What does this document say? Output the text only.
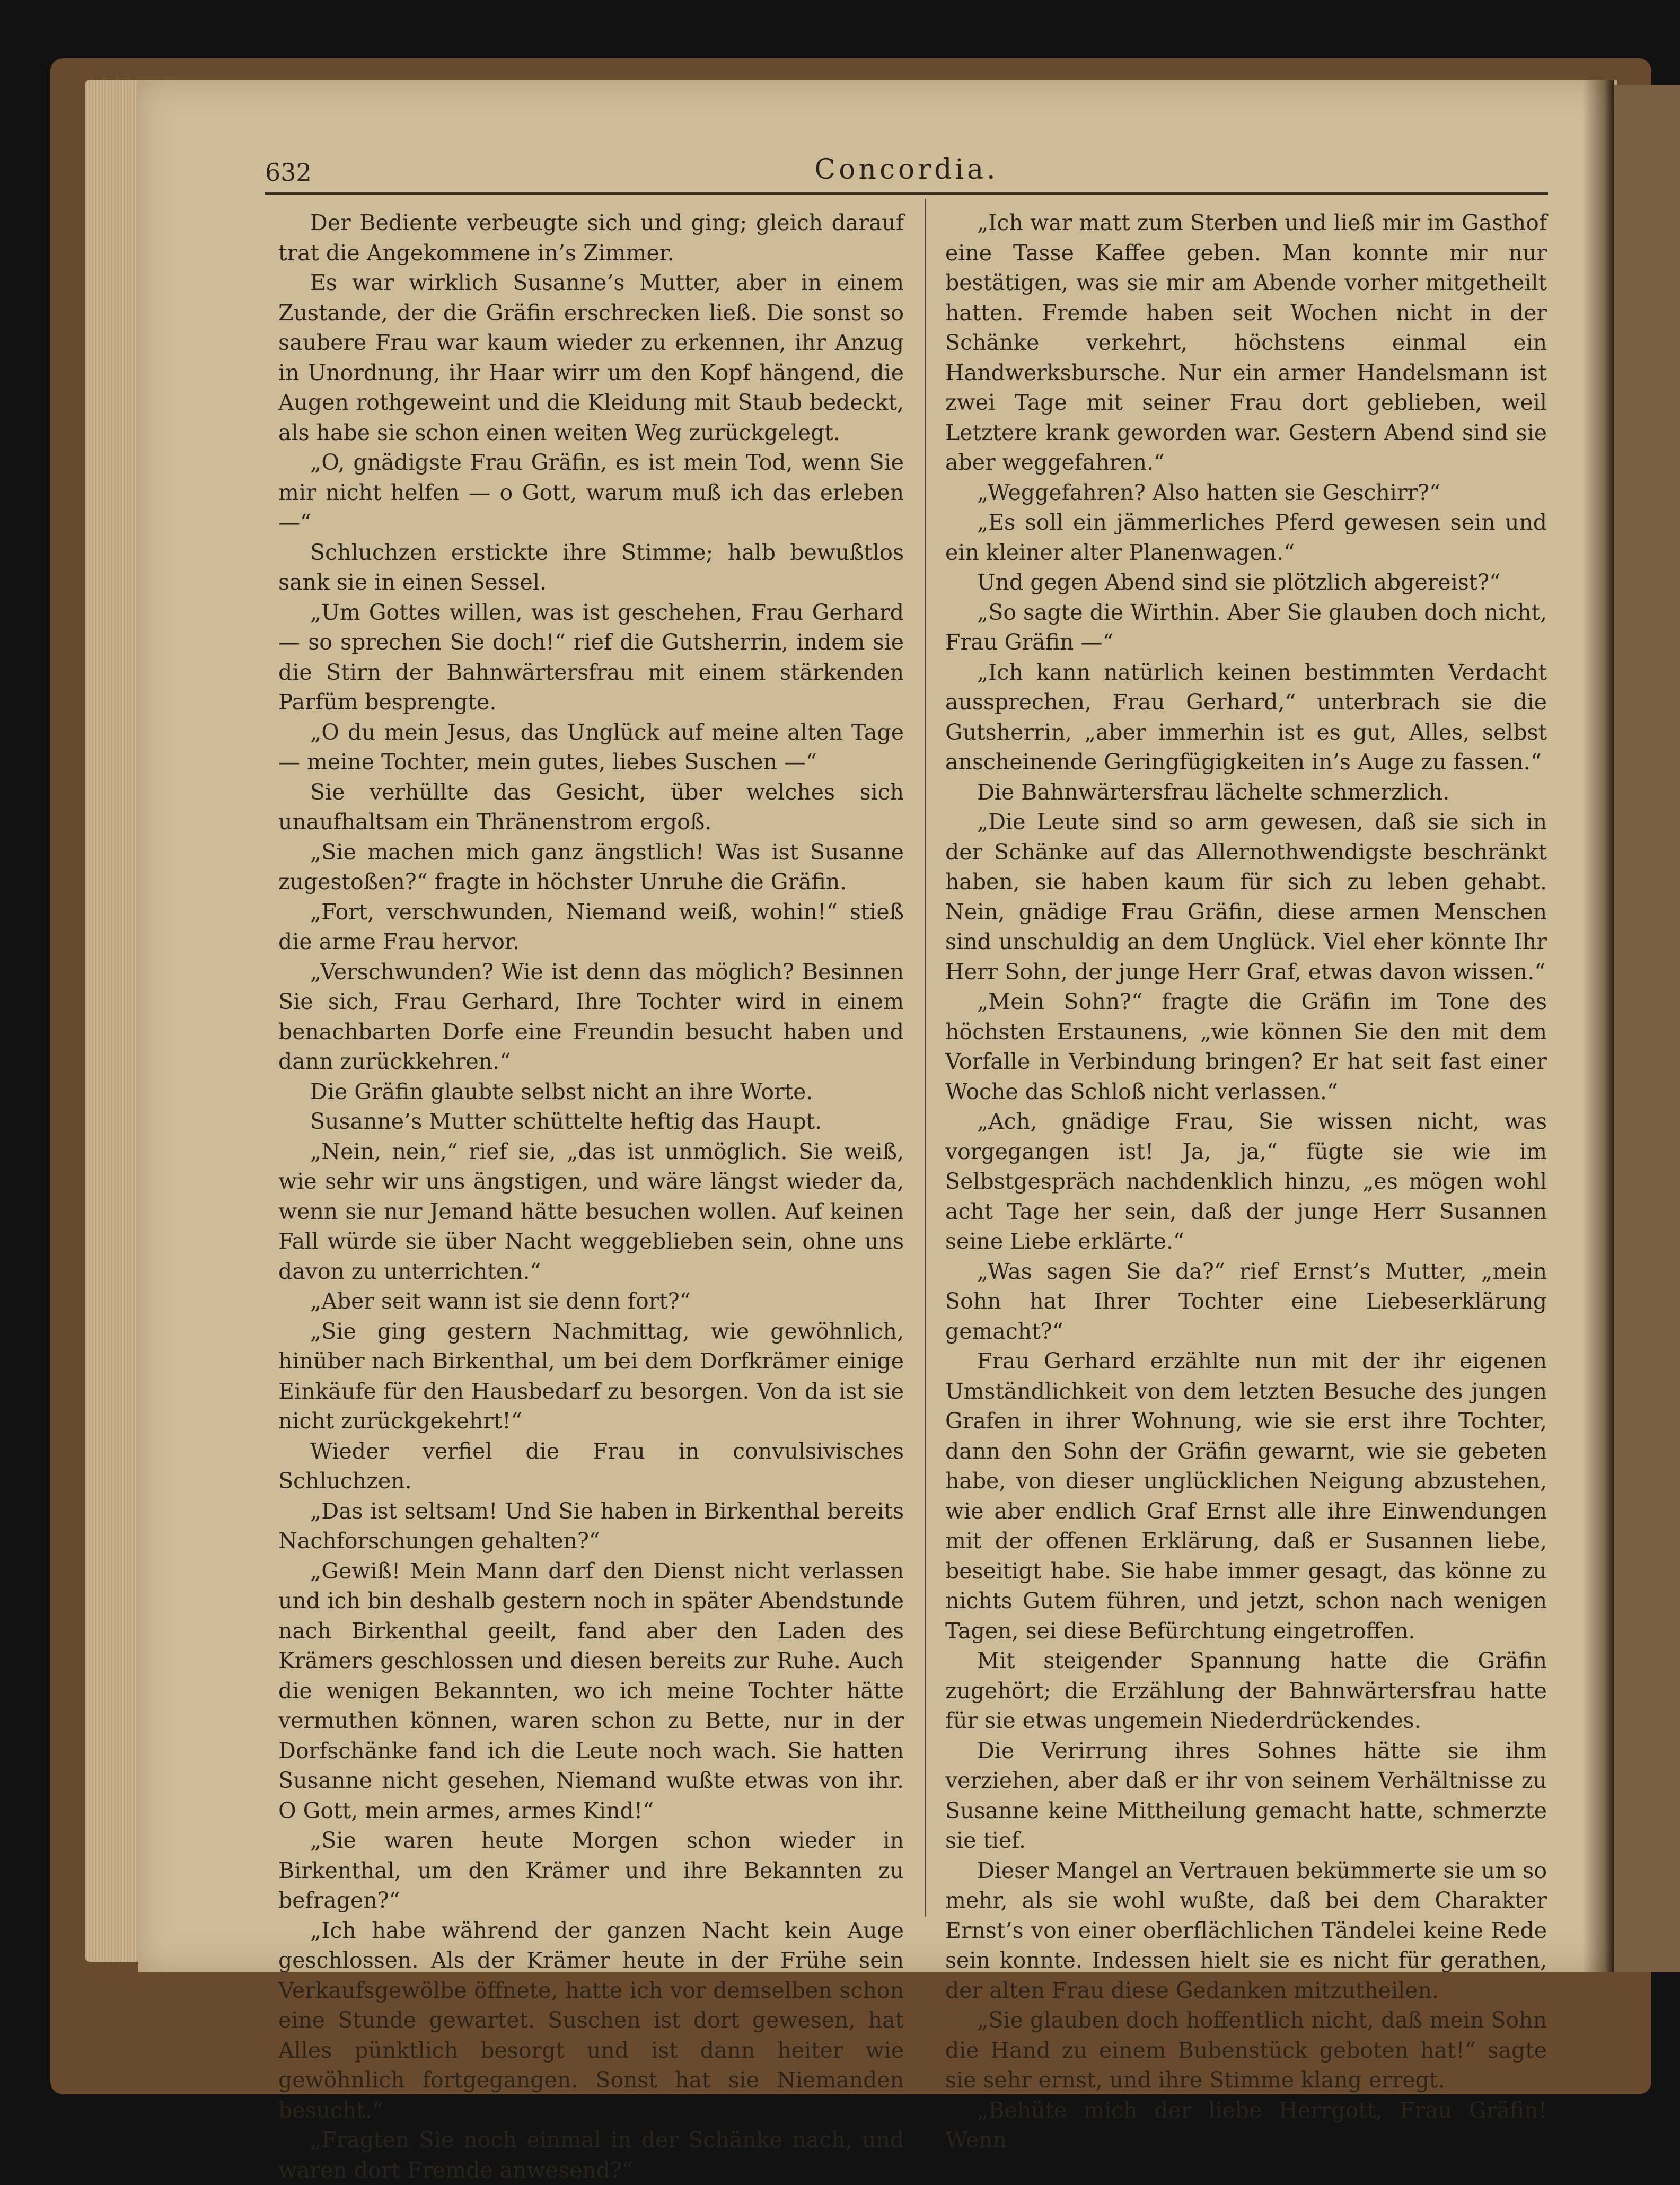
632	Concordia.

Der Bediente verbeugte sich und ging; gleich darauf trat die Angekommene in’s Zimmer.

Es war wirklich Susanne’s Mutter, aber in einem Zustande, der die Gräfin erschrecken ließ. Die sonst so saubere Frau war kaum wieder zu erkennen, ihr Anzug in Unordnung, ihr Haar wirr um den Kopf hängend, die Augen rothgeweint und die Kleidung mit Staub bedeckt, als habe sie schon einen weiten Weg zurückgelegt.

„O, gnädigste Frau Gräfin, es ist mein Tod, wenn Sie mir nicht helfen — o Gott, warum muß ich das erleben —“

Schluchzen erstickte ihre Stimme; halb bewußtlos sank sie in einen Sessel.

„Um Gottes willen, was ist geschehen, Frau Gerhard — so sprechen Sie doch!“ rief die Gutsherrin, indem sie die Stirn der Bahnwärtersfrau mit einem stärkenden Parfüm besprengte.

„O du mein Jesus, das Unglück auf meine alten Tage — meine Tochter, mein gutes, liebes Suschen —“

Sie verhüllte das Gesicht, über welches sich unaufhaltsam ein Thränenstrom ergoß.

„Sie machen mich ganz ängstlich! Was ist Susanne zugestoßen?“ fragte in höchster Unruhe die Gräfin.

„Fort, verschwunden, Niemand weiß, wohin!“ stieß die arme Frau hervor.

„Verschwunden? Wie ist denn das möglich? Besinnen Sie sich, Frau Gerhard, Ihre Tochter wird in einem benachbarten Dorfe eine Freundin besucht haben und dann zurückkehren.“

Die Gräfin glaubte selbst nicht an ihre Worte.

Susanne’s Mutter schüttelte heftig das Haupt.

„Nein, nein,“ rief sie, „das ist unmöglich. Sie weiß, wie sehr wir uns ängstigen, und wäre längst wieder da, wenn sie nur Jemand hätte besuchen wollen. Auf keinen Fall würde sie über Nacht weggeblieben sein, ohne uns davon zu unterrichten.“

„Aber seit wann ist sie denn fort?“

„Sie ging gestern Nachmittag, wie gewöhnlich, hinüber nach Birkenthal, um bei dem Dorfkrämer einige Einkäufe für den Hausbedarf zu besorgen. Von da ist sie nicht zurückgekehrt!“

Wieder verfiel die Frau in convulsivisches Schluchzen.

„Das ist seltsam! Und Sie haben in Birkenthal bereits Nachforschungen gehalten?“

„Gewiß! Mein Mann darf den Dienst nicht verlassen und ich bin deshalb gestern noch in später Abendstunde nach Birkenthal geeilt, fand aber den Laden des Krämers geschlossen und diesen bereits zur Ruhe. Auch die wenigen Bekannten, wo ich meine Tochter hätte vermuthen können, waren schon zu Bette, nur in der Dorfschänke fand ich die Leute noch wach. Sie hatten Susanne nicht gesehen, Niemand wußte etwas von ihr. O Gott, mein armes, armes Kind!“

„Sie waren heute Morgen schon wieder in Birkenthal, um den Krämer und ihre Bekannten zu befragen?“

„Ich habe während der ganzen Nacht kein Auge geschlossen. Als der Krämer heute in der Frühe sein Verkaufsgewölbe öffnete, hatte ich vor demselben schon eine Stunde gewartet. Suschen ist dort gewesen, hat Alles pünktlich besorgt und ist dann heiter wie gewöhnlich fortgegangen. Sonst hat sie Niemanden besucht.“

„Fragten Sie noch einmal in der Schänke nach, und waren dort Fremde anwesend?“

„Ich war matt zum Sterben und ließ mir im Gasthof eine Tasse Kaffee geben. Man konnte mir nur bestätigen, was sie mir am Abende vorher mitgetheilt hatten. Fremde haben seit Wochen nicht in der Schänke verkehrt, höchstens einmal ein Handwerksbursche. Nur ein armer Handelsmann ist zwei Tage mit seiner Frau dort geblieben, weil Letztere krank geworden war. Gestern Abend sind sie aber weggefahren.“

„Weggefahren? Also hatten sie Geschirr?“

„Es soll ein jämmerliches Pferd gewesen sein und ein kleiner alter Planenwagen.“

Und gegen Abend sind sie plötzlich abgereist?“

„So sagte die Wirthin. Aber Sie glauben doch nicht, Frau Gräfin —“

„Ich kann natürlich keinen bestimmten Verdacht aussprechen, Frau Gerhard,“ unterbrach sie die Gutsherrin, „aber immerhin ist es gut, Alles, selbst anscheinende Geringfügigkeiten in’s Auge zu fassen.“

Die Bahnwärtersfrau lächelte schmerzlich.

„Die Leute sind so arm gewesen, daß sie sich in der Schänke auf das Allernothwendigste beschränkt haben, sie haben kaum für sich zu leben gehabt. Nein, gnädige Frau Gräfin, diese armen Menschen sind unschuldig an dem Unglück. Viel eher könnte Ihr Herr Sohn, der junge Herr Graf, etwas davon wissen.“

„Mein Sohn?“ fragte die Gräfin im Tone des höchsten Erstaunens, „wie können Sie den mit dem Vorfalle in Verbindung bringen? Er hat seit fast einer Woche das Schloß nicht verlassen.“

„Ach, gnädige Frau, Sie wissen nicht, was vorgegangen ist! Ja, ja,“ fügte sie wie im Selbstgespräch nachdenklich hinzu, „es mögen wohl acht Tage her sein, daß der junge Herr Susannen seine Liebe erklärte.“

„Was sagen Sie da?“ rief Ernst’s Mutter, „mein Sohn hat Ihrer Tochter eine Liebeserklärung gemacht?“

Frau Gerhard erzählte nun mit der ihr eigenen Umständlichkeit von dem letzten Besuche des jungen Grafen in ihrer Wohnung, wie sie erst ihre Tochter, dann den Sohn der Gräfin gewarnt, wie sie gebeten habe, von dieser unglücklichen Neigung abzustehen, wie aber endlich Graf Ernst alle ihre Einwendungen mit der offenen Erklärung, daß er Susannen liebe, beseitigt habe. Sie habe immer gesagt, das könne zu nichts Gutem führen, und jetzt, schon nach wenigen Tagen, sei diese Befürchtung eingetroffen.

Mit steigender Spannung hatte die Gräfin zugehört; die Erzählung der Bahnwärtersfrau hatte für sie etwas ungemein Niederdrückendes.

Die Verirrung ihres Sohnes hätte sie ihm verziehen, aber daß er ihr von seinem Verhältnisse zu Susanne keine Mittheilung gemacht hatte, schmerzte sie tief.

Dieser Mangel an Vertrauen bekümmerte sie um so mehr, als sie wohl wußte, daß bei dem Charakter Ernst’s von einer oberflächlichen Tändelei keine Rede sein konnte. Indessen hielt sie es nicht für gerathen, der alten Frau diese Gedanken mitzutheilen.

„Sie glauben doch hoffentlich nicht, daß mein Sohn die Hand zu einem Bubenstück geboten hat!“ sagte sie sehr ernst, und ihre Stimme klang erregt.

„Behüte mich der liebe Herrgott, Frau Gräfin! Wenn
